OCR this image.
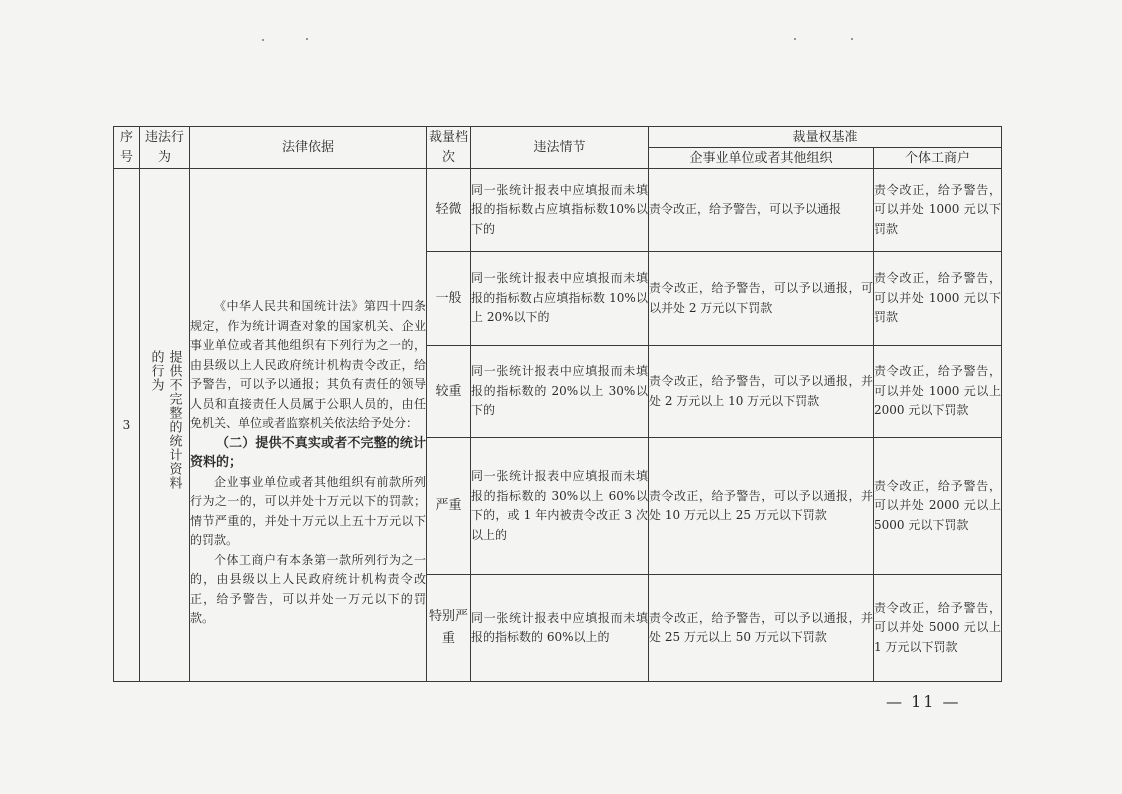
序号	违法行为	法律依据	裁量档次	违法情节	裁量权基准	
					企事业单位或者其他组织	个体工商户
3	提供不完整的统计资料的行为	《中华人民共和国统计法》第四十四条规定，作为统计调查对象的国家机关、企业事业单位或者其他组织有下列行为之一的，由县级以上人民政府统计机构责令改正，给予警告，可以予以通报；其负有责任的领导人员和直接责任人员属于公职人员的，由任免机关、单位或者监察机关依法给予处分：

（二）提供不真实或者不完整的统计资料的；

企业事业单位或者其他组织有前款所列行为之一的，可以并处十万元以下的罚款；情节严重的，并处十万元以上五十万元以下的罚款。

个体工商户有本条第一款所列行为之一的，由县级以上人民政府统计机构责令改正，给予警告，可以并处一万元以下的罚款。	轻微	同一张统计报表中应填报而未填报的指标数占应填指标数10%以下的	责令改正，给予警告，可以予以通报	责令改正，给予警告，可以并处 1000 元以下罚款
			一般	同一张统计报表中应填报而未填报的指标数占应填指标数 10%以上 20%以下的	责令改正，给予警告，可以予以通报，可以并处 2 万元以下罚款	责令改正，给予警告，可以并处 1000 元以下罚款
			较重	同一张统计报表中应填报而未填报的指标数的 20%以上 30%以下的	责令改正，给予警告，可以予以通报，并处 2 万元以上 10 万元以下罚款	责令改正，给予警告，可以并处 1000 元以上 2000 元以下罚款
			严重	同一张统计报表中应填报而未填报的指标数的 30%以上 60%以下的，或 1 年内被责令改正 3 次以上的	责令改正，给予警告，可以予以通报，并处 10 万元以上 25 万元以下罚款	责令改正，给予警告，可以并处 2000 元以上 5000 元以下罚款
			特别严重	同一张统计报表中应填报而未填报的指标数的 60%以上的	责令改正，给予警告，可以予以通报，并处 25 万元以上 50 万元以下罚款	责令改正，给予警告，可以并处 5000 元以上 1 万元以下罚款
— 11 —
